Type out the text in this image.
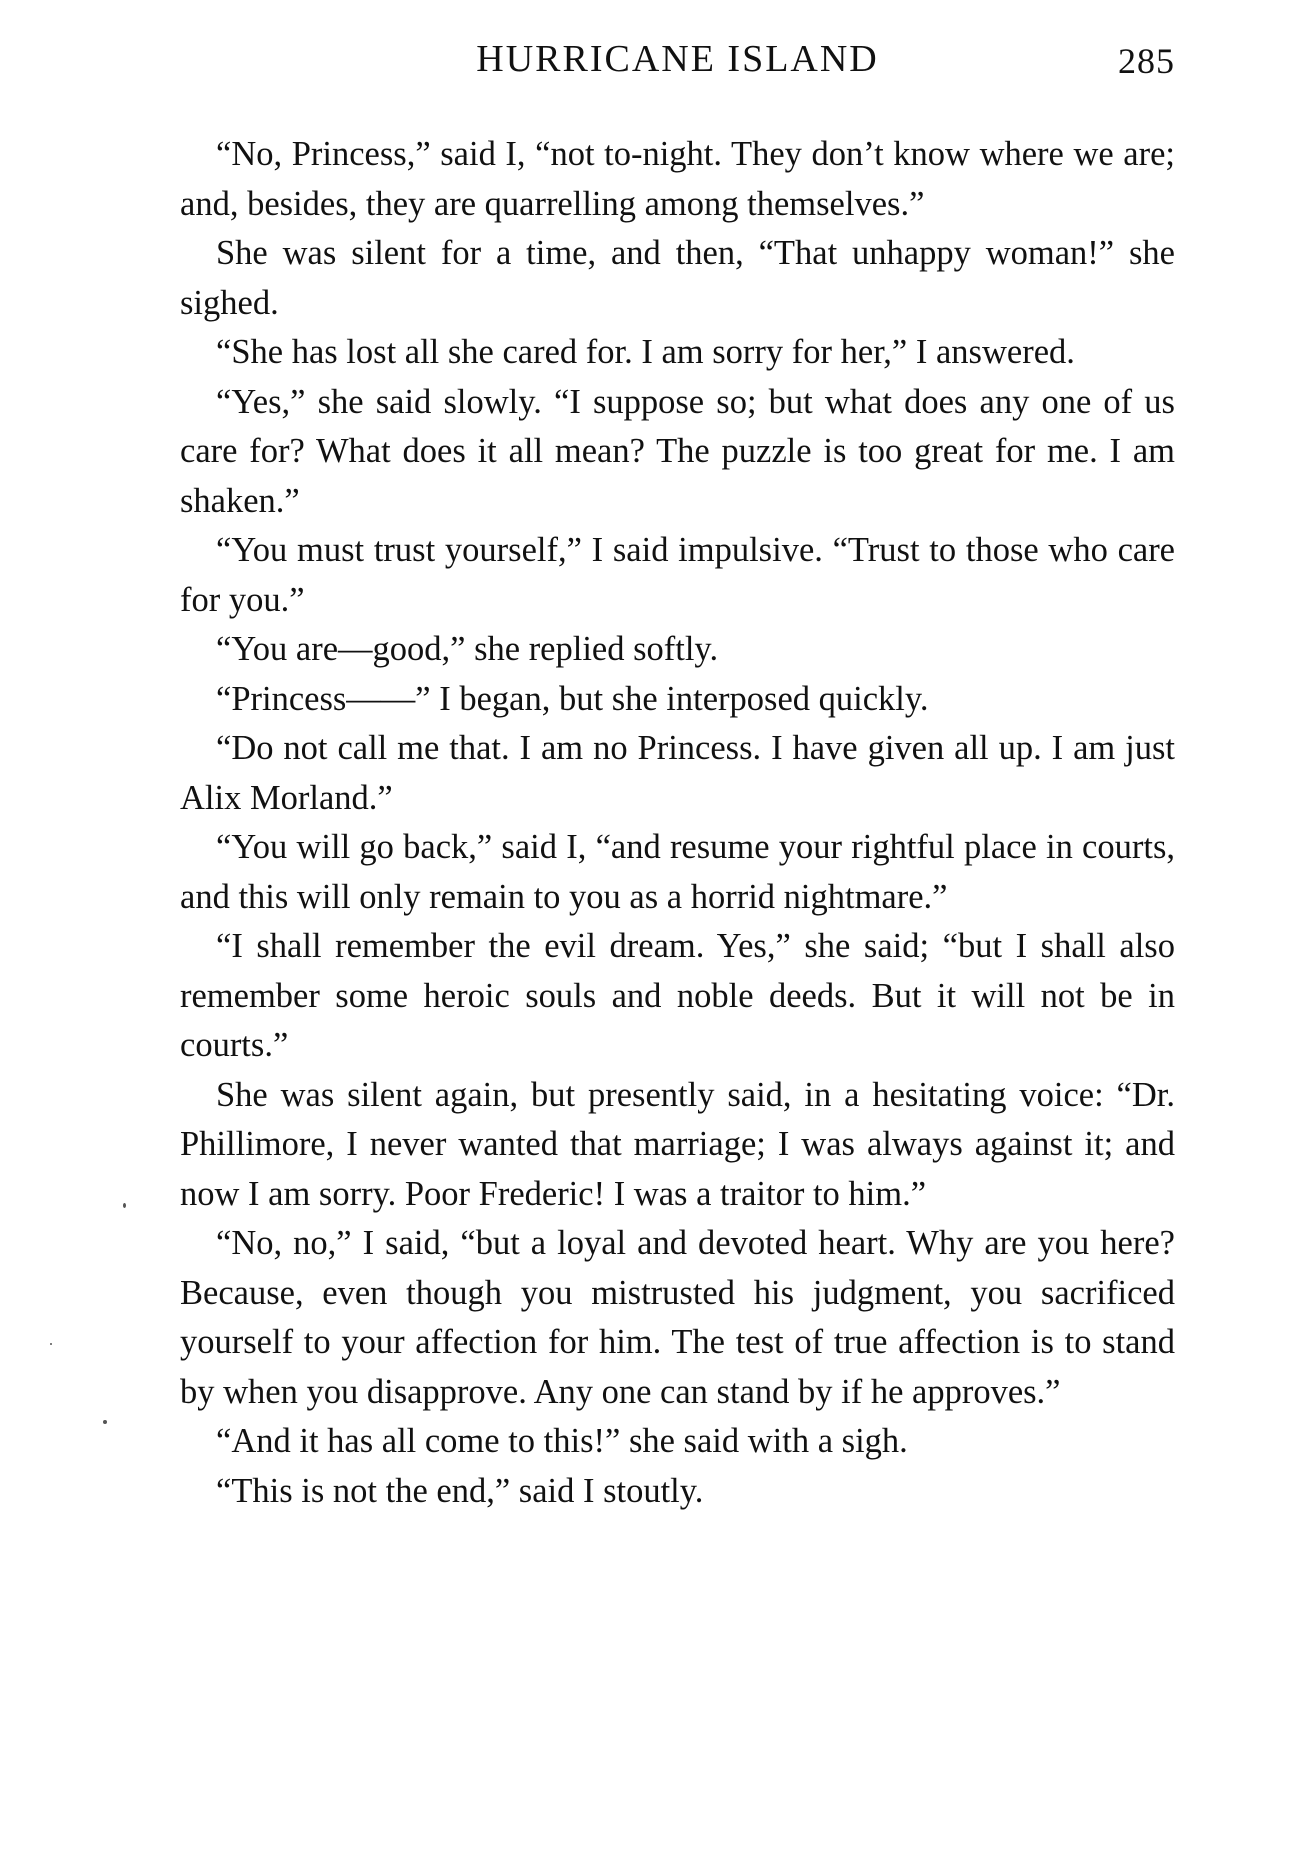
HURRICANE ISLAND	285

“No, Princess,” said I, “not to-night. They don’t know where we are; and, besides, they are quarrelling among themselves.”

She was silent for a time, and then, “That unhappy woman!” she sighed.

“She has lost all she cared for. I am sorry for her,” I answered.

“Yes,” she said slowly. “I suppose so; but what does any one of us care for? What does it all mean? The puzzle is too great for me. I am shaken.”

“You must trust yourself,” I said impulsive. “Trust to those who care for you.”

“You are—good,” she replied softly.

“Princess——” I began, but she interposed quickly.

“Do not call me that. I am no Princess. I have given all up. I am just Alix Morland.”

“You will go back,” said I, “and resume your rightful place in courts, and this will only remain to you as a horrid nightmare.”

“I shall remember the evil dream. Yes,” she said; “but I shall also remember some heroic souls and noble deeds. But it will not be in courts.”

She was silent again, but presently said, in a hesitating voice: “Dr. Phillimore, I never wanted that marriage; I was always against it; and now I am sorry. Poor Frederic! I was a traitor to him.”

“No, no,” I said, “but a loyal and devoted heart. Why are you here? Because, even though you mistrusted his judgment, you sacrificed yourself to your affection for him. The test of true affection is to stand by when you disapprove. Any one can stand by if he approves.”

“And it has all come to this!” she said with a sigh.

“This is not the end,” said I stoutly.
